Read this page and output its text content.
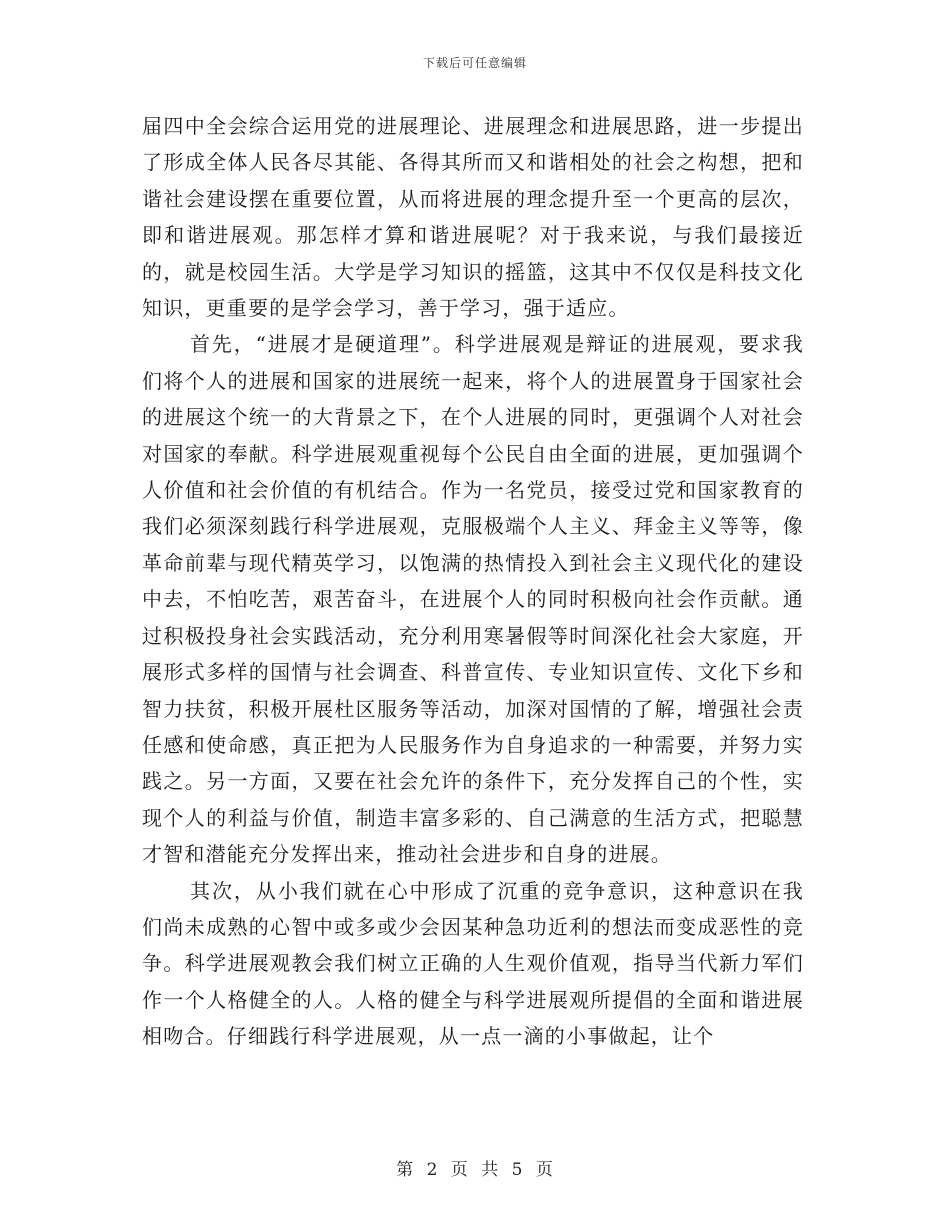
下载后可任意编辑

届四中全会综合运用党的进展理论、进展理念和进展思路，进一步提出了形成全体人民各尽其能、各得其所而又和谐相处的社会之构想，把和谐社会建设摆在重要位置，从而将进展的理念提升至一个更高的层次，即和谐进展观。那怎样才算和谐进展呢？对于我来说，与我们最接近的，就是校园生活。大学是学习知识的摇篮，这其中不仅仅是科技文化知识，更重要的是学会学习，善于学习，强于适应。

首先，“进展才是硬道理”。科学进展观是辩证的进展观，要求我们将个人的进展和国家的进展统一起来，将个人的进展置身于国家社会的进展这个统一的大背景之下，在个人进展的同时，更强调个人对社会对国家的奉献。科学进展观重视每个公民自由全面的进展，更加强调个人价值和社会价值的有机结合。作为一名党员，接受过党和国家教育的我们必须深刻践行科学进展观，克服极端个人主义、拜金主义等等，像革命前辈与现代精英学习，以饱满的热情投入到社会主义现代化的建设中去，不怕吃苦，艰苦奋斗，在进展个人的同时积极向社会作贡献。通过积极投身社会实践活动，充分利用寒暑假等时间深化社会大家庭，开展形式多样的国情与社会调查、科普宣传、专业知识宣传、文化下乡和智力扶贫，积极开展杜区服务等活动，加深对国情的了解，增强社会责任感和使命感，真正把为人民服务作为自身追求的一种需要，并努力实践之。另一方面，又要在社会允许的条件下，充分发挥自己的个性，实现个人的利益与价值，制造丰富多彩的、自己满意的生活方式，把聪慧才智和潜能充分发挥出来，推动社会进步和自身的进展。

其次，从小我们就在心中形成了沉重的竞争意识，这种意识在我们尚未成熟的心智中或多或少会因某种急功近利的想法而变成恶性的竞争。科学进展观教会我们树立正确的人生观价值观，指导当代新力军们作一个人格健全的人。人格的健全与科学进展观所提倡的全面和谐进展相吻合。仔细践行科学进展观，从一点一滴的小事做起，让个

第 2 页 共 5 页
